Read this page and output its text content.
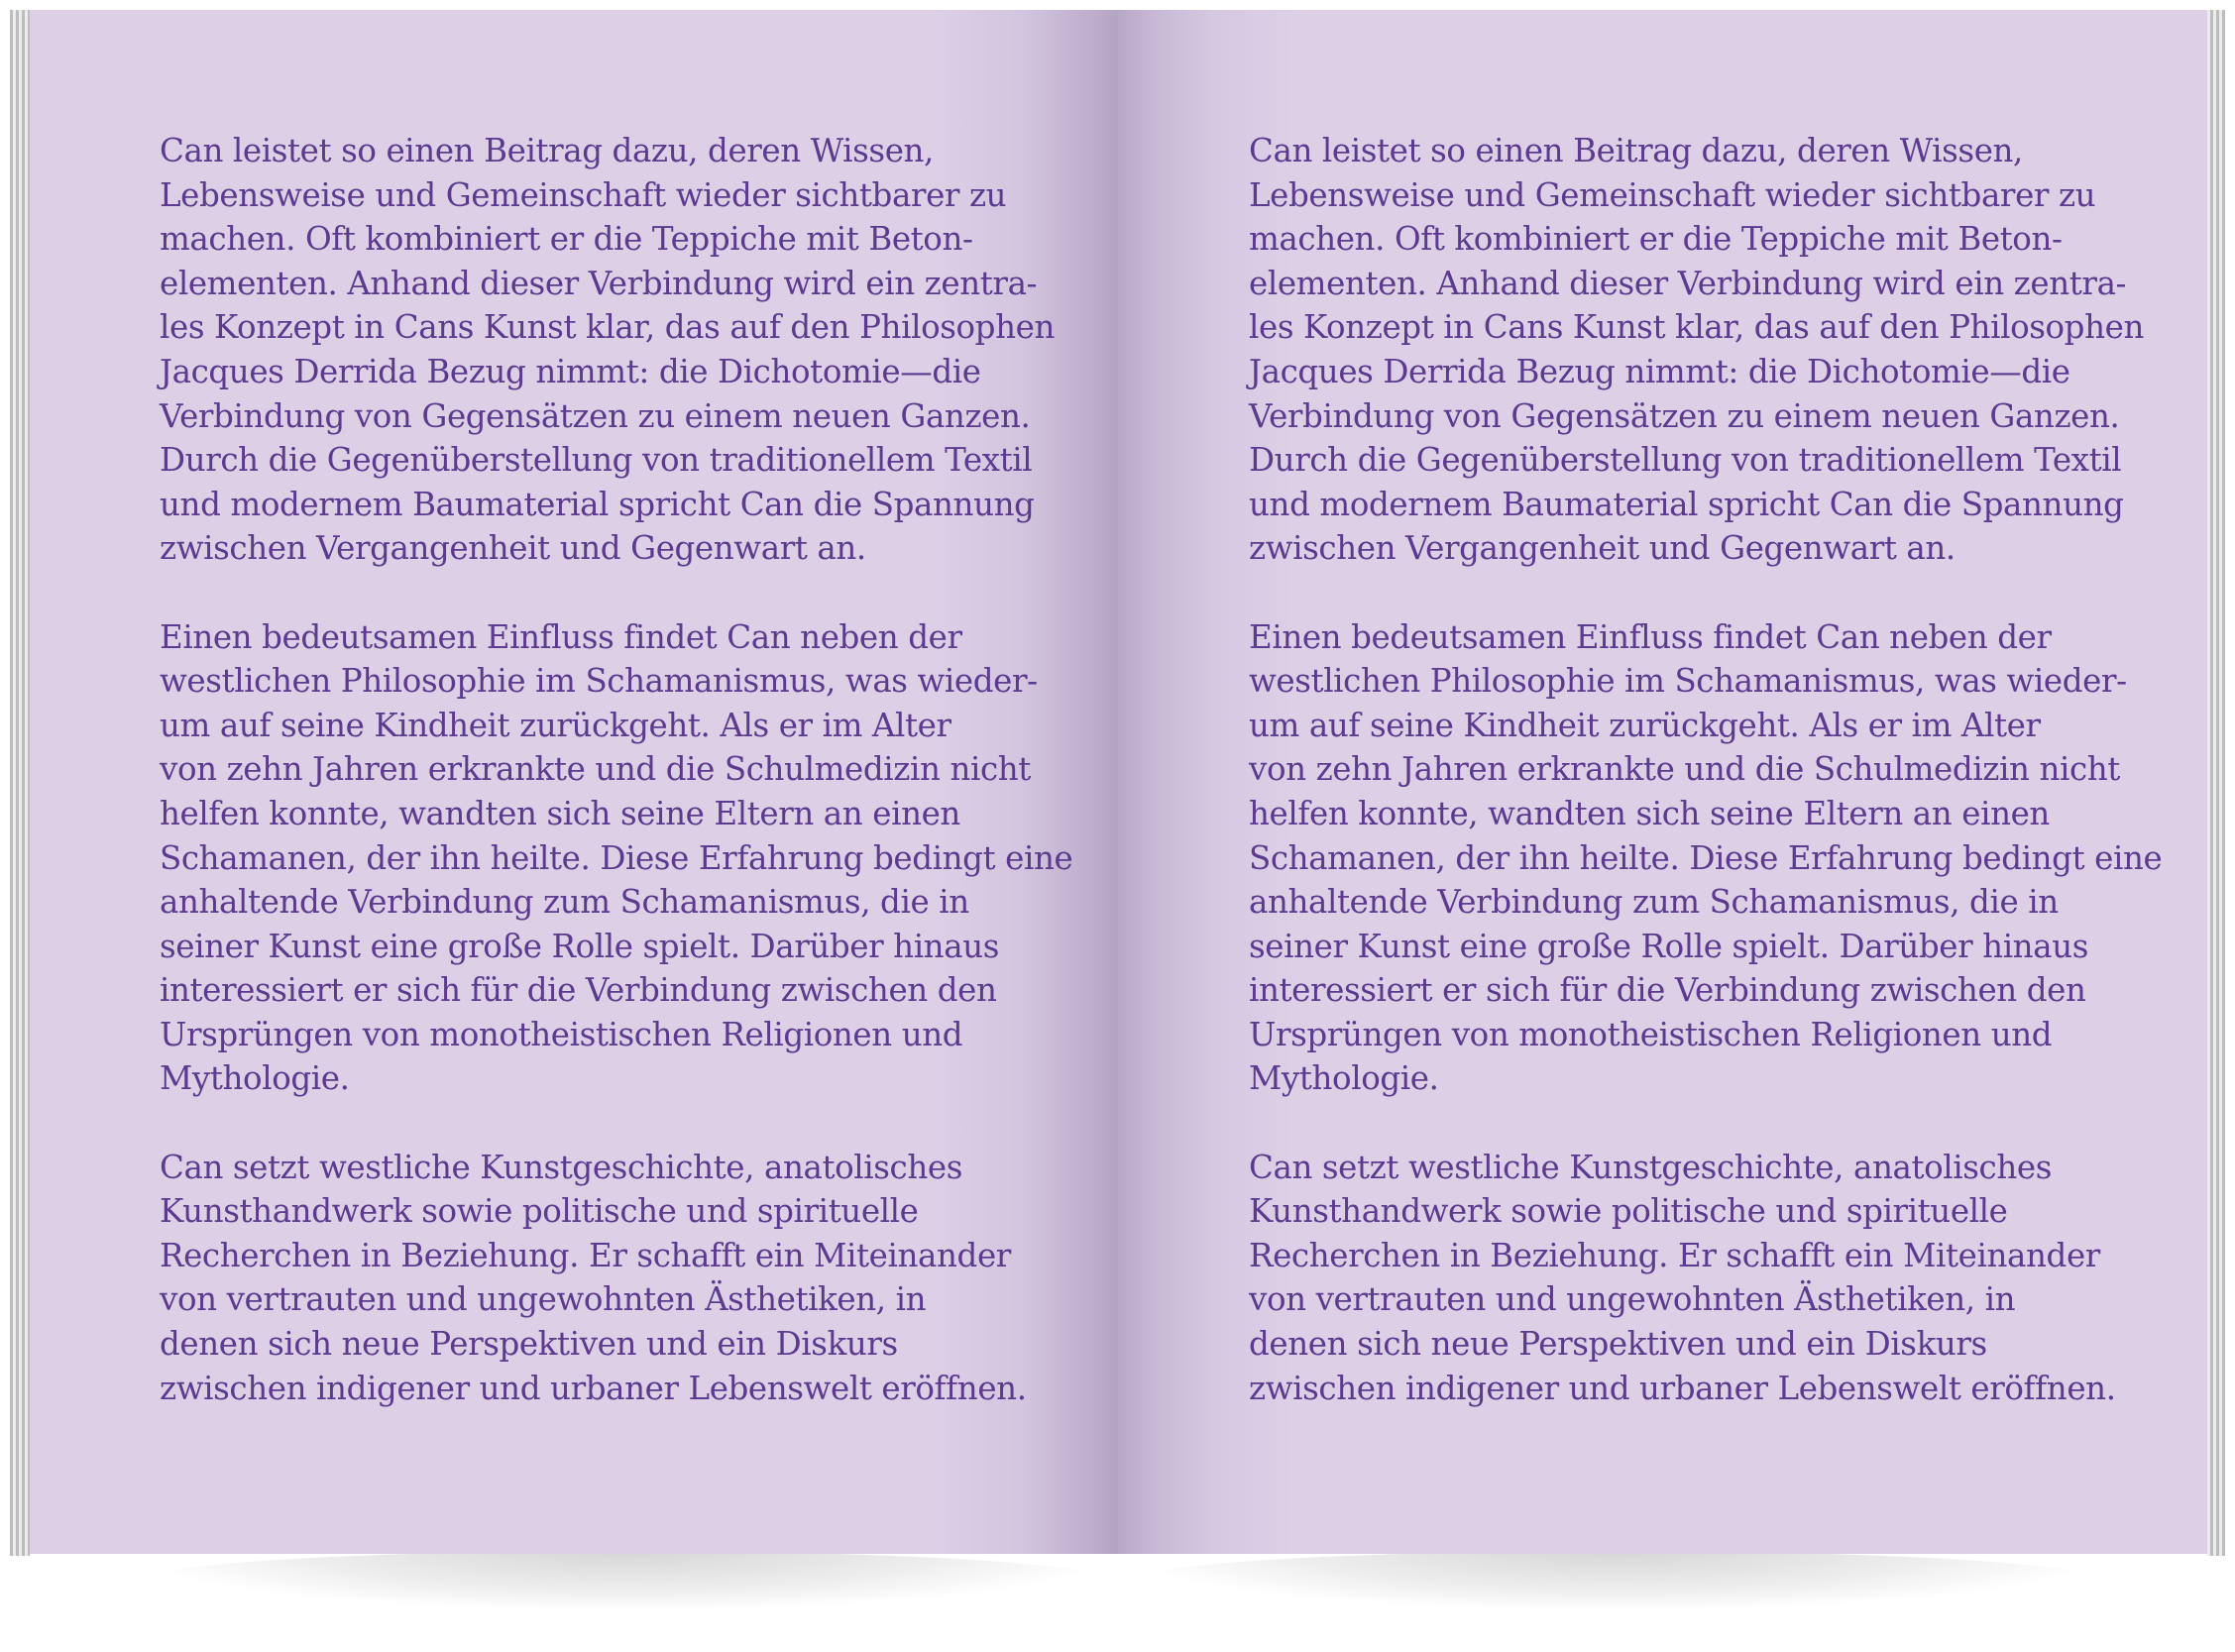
Can leistet so einen Beitrag dazu, deren Wissen,
Lebensweise und Gemeinschaft wieder sichtbarer zu
machen. Oft kombiniert er die Teppiche mit Beton-
elementen. Anhand dieser Verbindung wird ein zentra-
les Konzept in Cans Kunst klar, das auf den Philosophen
Jacques Derrida Bezug nimmt: die Dichotomie—die
Verbindung von Gegensätzen zu einem neuen Ganzen.
Durch die Gegenüberstellung von traditionellem Textil
und modernem Baumaterial spricht Can die Spannung
zwischen Vergangenheit und Gegenwart an.

Einen bedeutsamen Einfluss findet Can neben der
westlichen Philosophie im Schamanismus, was wieder-
um auf seine Kindheit zurückgeht. Als er im Alter
von zehn Jahren erkrankte und die Schulmedizin nicht
helfen konnte, wandten sich seine Eltern an einen
Schamanen, der ihn heilte. Diese Erfahrung bedingt eine
anhaltende Verbindung zum Schamanismus, die in
seiner Kunst eine große Rolle spielt. Darüber hinaus
interessiert er sich für die Verbindung zwischen den
Ursprüngen von monotheistischen Religionen und
Mythologie.

Can setzt westliche Kunstgeschichte, anatolisches
Kunsthandwerk sowie politische und spirituelle
Recherchen in Beziehung. Er schafft ein Miteinander
von vertrauten und ungewohnten Ästhetiken, in
denen sich neue Perspektiven und ein Diskurs
zwischen indigener und urbaner Lebenswelt eröffnen.

Can leistet so einen Beitrag dazu, deren Wissen,
Lebensweise und Gemeinschaft wieder sichtbarer zu
machen. Oft kombiniert er die Teppiche mit Beton-
elementen. Anhand dieser Verbindung wird ein zentra-
les Konzept in Cans Kunst klar, das auf den Philosophen
Jacques Derrida Bezug nimmt: die Dichotomie—die
Verbindung von Gegensätzen zu einem neuen Ganzen.
Durch die Gegenüberstellung von traditionellem Textil
und modernem Baumaterial spricht Can die Spannung
zwischen Vergangenheit und Gegenwart an.

Einen bedeutsamen Einfluss findet Can neben der
westlichen Philosophie im Schamanismus, was wieder-
um auf seine Kindheit zurückgeht. Als er im Alter
von zehn Jahren erkrankte und die Schulmedizin nicht
helfen konnte, wandten sich seine Eltern an einen
Schamanen, der ihn heilte. Diese Erfahrung bedingt eine
anhaltende Verbindung zum Schamanismus, die in
seiner Kunst eine große Rolle spielt. Darüber hinaus
interessiert er sich für die Verbindung zwischen den
Ursprüngen von monotheistischen Religionen und
Mythologie.

Can setzt westliche Kunstgeschichte, anatolisches
Kunsthandwerk sowie politische und spirituelle
Recherchen in Beziehung. Er schafft ein Miteinander
von vertrauten und ungewohnten Ästhetiken, in
denen sich neue Perspektiven und ein Diskurs
zwischen indigener und urbaner Lebenswelt eröffnen.
